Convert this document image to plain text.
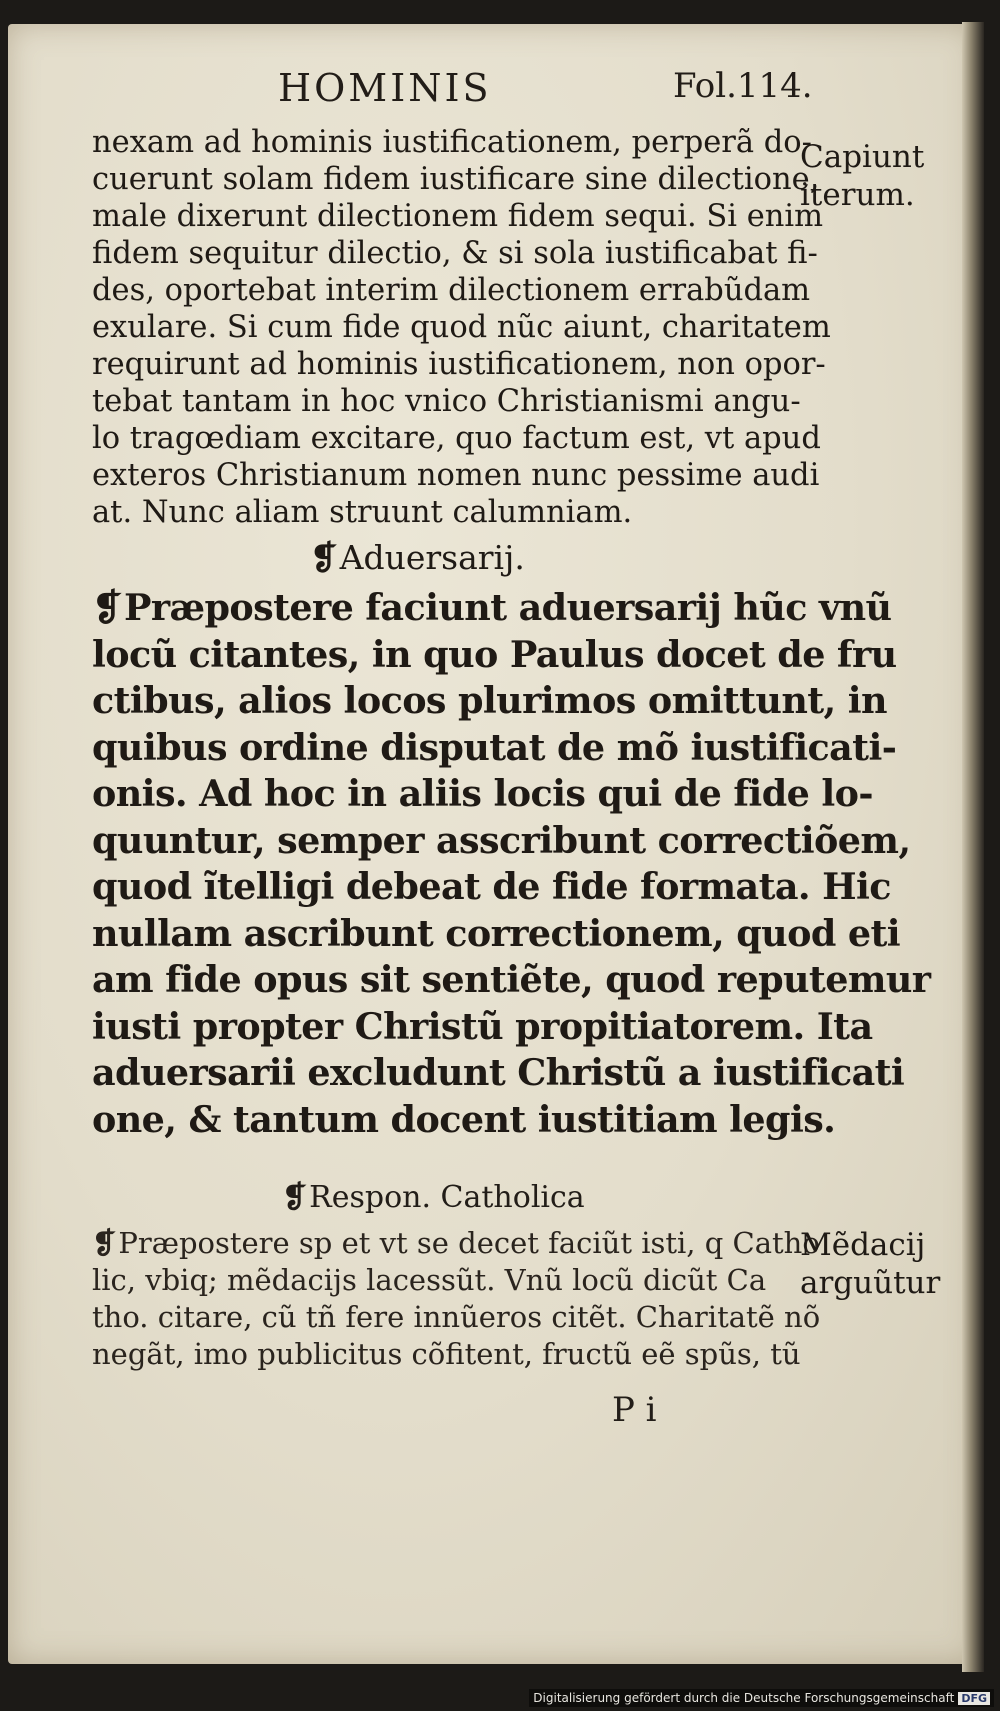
HOMINIS	Fol.114.
nexam ad hominis iustificationem, perperã do-
cuerunt solam fidem iustificare sine dilectione,
male dixerunt dilectionem fidem sequi. Si enim
fidem sequitur dilectio, & si sola iustificabat fi-
des, oportebat interim dilectionem errabũdam
exulare. Si cum fide quod nũc aiunt, charitatem
requirunt ad hominis iustificationem, non opor-
tebat tantam in hoc vnico Christianismi angu-
lo tragœdiam excitare, quo factum est, vt apud
exteros Christianum nomen nunc pessime audi
at. Nunc aliam struunt calumniam.
❡Aduersarij.
❡Præpostere faciunt aduersarij hũc vnũ
locũ citantes, in quo Paulus docet de fru
ctibus, alios locos plurimos omittunt, in
quibus ordine disputat de mõ iustificati-
onis. Ad hoc in aliis locis qui de fide lo-
quuntur, semper asscribunt correctiõem,
quod ĩtelligi debeat de fide formata. Hic
nullam ascribunt correctionem, quod eti
am fide opus sit sentiẽte, quod reputemur
iusti propter Christũ propitiatorem. Ita
aduersarii excludunt Christũ a iustificati
one, & tantum docent iustitiam legis.
❡Respon. Catholica
❡Præpostere sp et vt se decet faciũt isti, q Catho
lic, vbiq; mẽdacijs lacessũt. Vnũ locũ dicũt Ca
tho. citare, cũ tñ fere innũeros citẽt. Charitatẽ nõ
negãt, imo publicitus cõfitent, fructũ eẽ spũs, tũ
Capiunt
iterum.
Mẽdacij
arguũtur
P i
Digitalisierung gefördert durch die Deutsche Forschungsgemeinschaft DFG
